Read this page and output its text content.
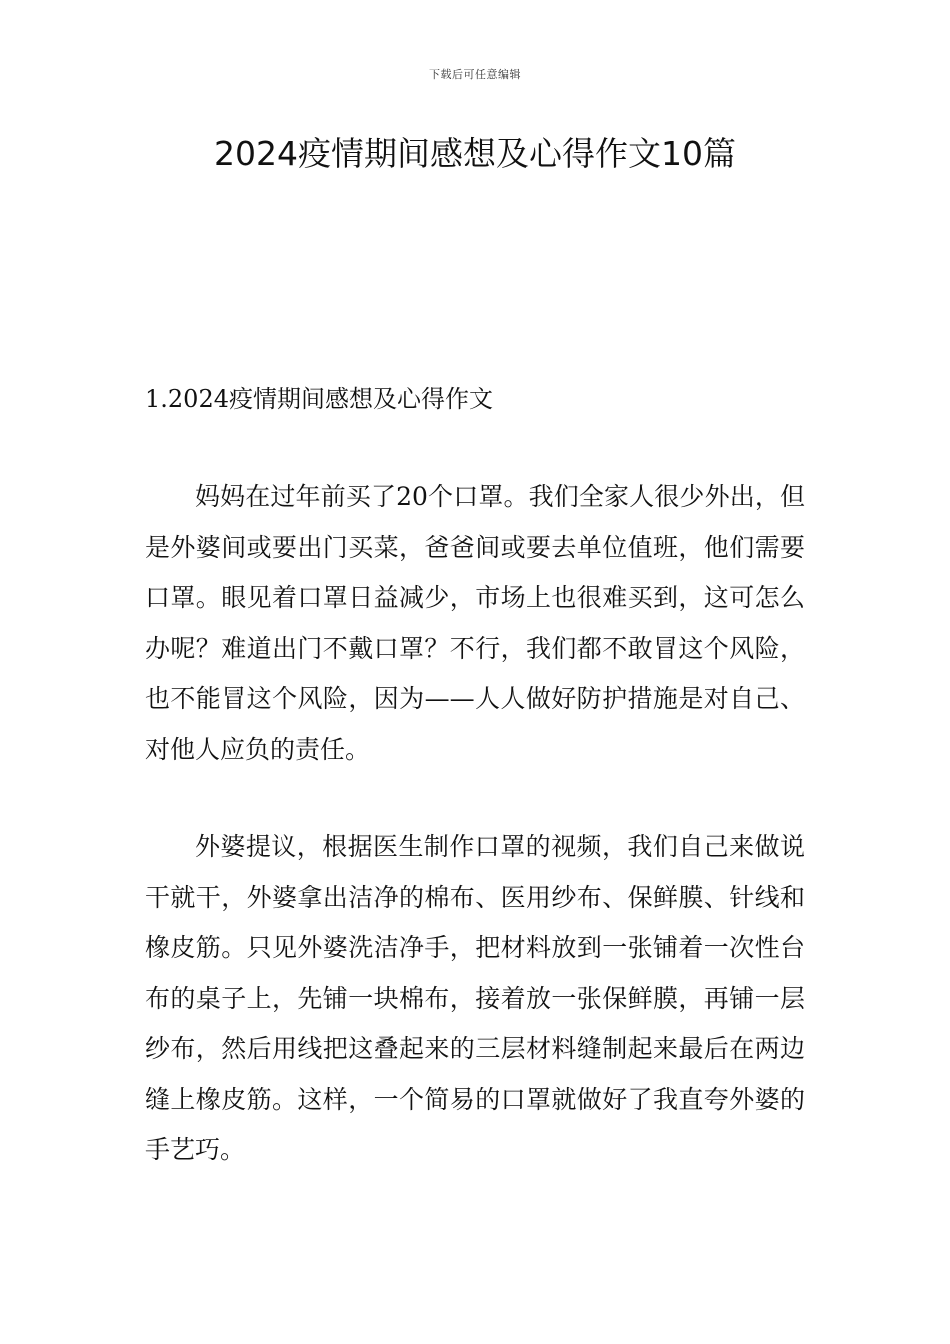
下载后可任意编辑
2024疫情期间感想及心得作文10篇
1.2024疫情期间感想及心得作文

妈妈在过年前买了20个口罩。我们全家人很少外出，但是外婆间或要出门买菜，爸爸间或要去单位值班，他们需要口罩。眼见着口罩日益减少，市场上也很难买到，这可怎么办呢？难道出门不戴口罩？不行，我们都不敢冒这个风险，也不能冒这个风险，因为——人人做好防护措施是对自己、对他人应负的责任。

外婆提议，根据医生制作口罩的视频，我们自己来做说干就干，外婆拿出洁净的棉布、医用纱布、保鲜膜、针线和橡皮筋。只见外婆洗洁净手，把材料放到一张铺着一次性台布的桌子上，先铺一块棉布，接着放一张保鲜膜，再铺一层纱布，然后用线把这叠起来的三层材料缝制起来最后在两边缝上橡皮筋。这样，一个简易的口罩就做好了我直夸外婆的手艺巧。
